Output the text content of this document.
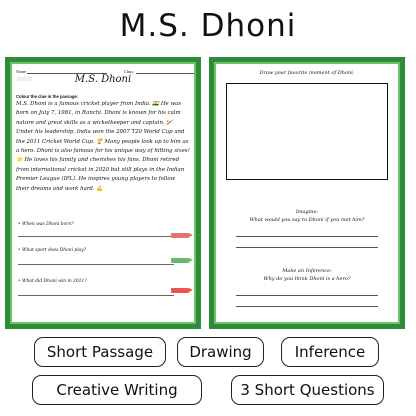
M.S. Dhoni
Name:	Class:
☆☆☆	M.S. Dhoni
Colour the clue in the passage:
M.S. Dhoni is a famous cricket player from India. 🇮🇳 He was born on July 7, 1981, in Ranchi. Dhoni is known for his calm nature and great skills as a wicketkeeper and captain. 🏏 Under his leadership, India won the 2007 T20 World Cup and the 2011 Cricket World Cup. 🏆 Many people look up to him as a hero. Dhoni is also famous for his unique way of hitting sixes! 🌟 He loves his family and cherishes his fans. Dhoni retired from international cricket in 2020 but still plays in the Indian Premier League (IPL). He inspires young players to follow their dreams and work hard. 💪
• When was Dhoni born?
• What sport does Dhoni play?
• What did Dhoni win in 2011?
Draw your favorite moment of Dhoni.
Imagine:
What would you say to Dhoni if you met him?
Make an Inference:
Why do you think Dhoni is a hero?
Short Passage	Drawing	Inference
Creative Writing	3 Short Questions
